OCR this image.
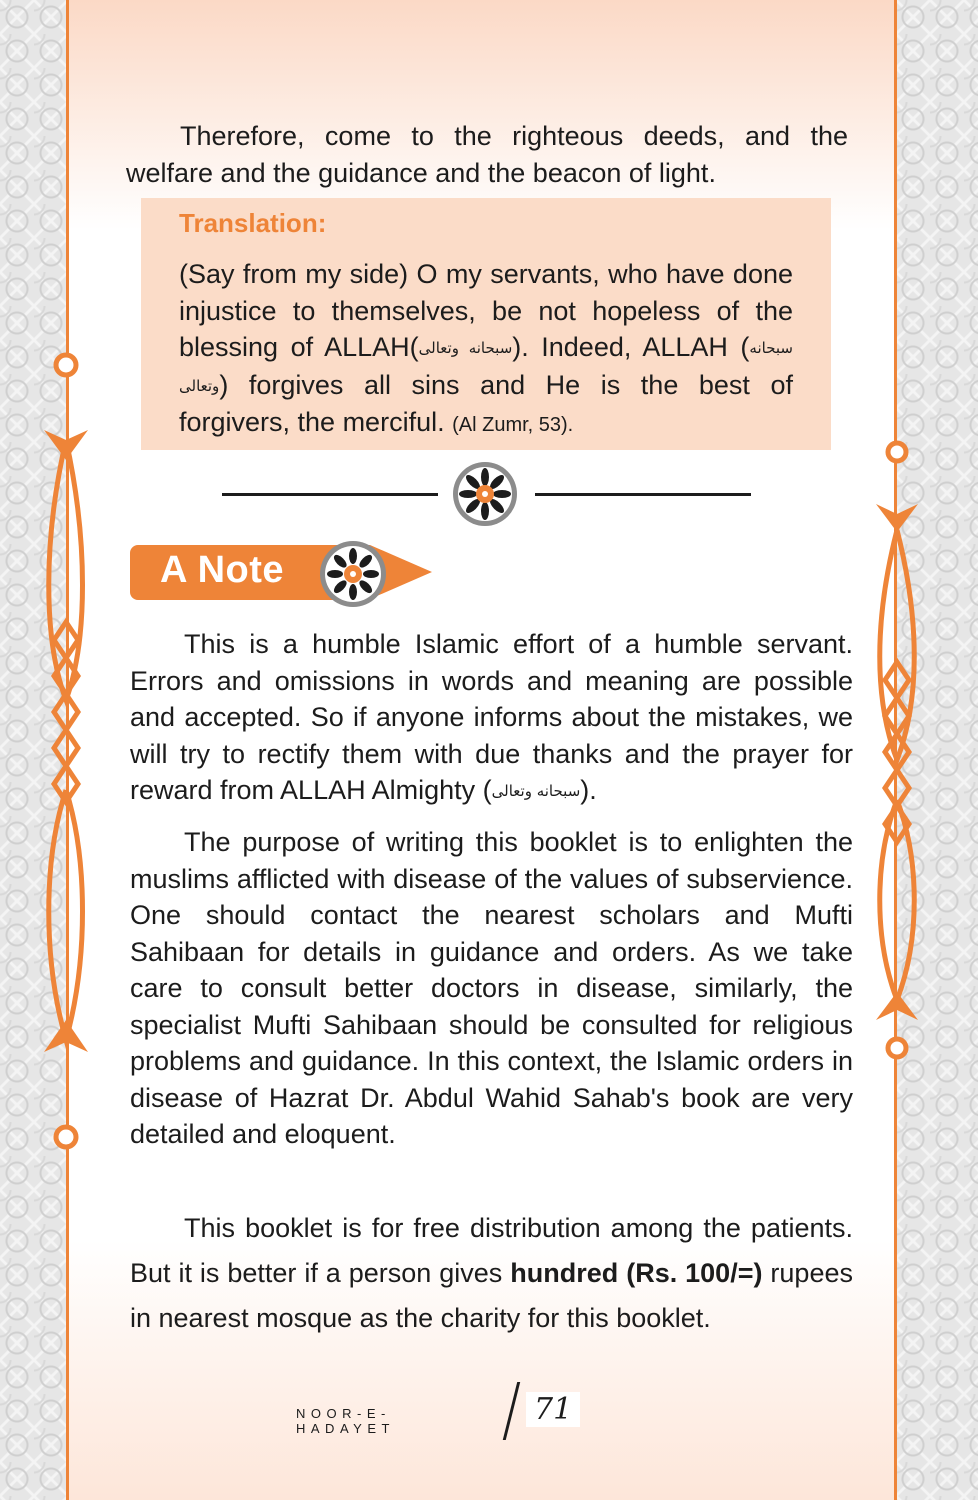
Therefore, come to the righteous deeds, and the welfare and the guidance and the beacon of light.

Translation:

(Say from my side) O my servants, who have done injustice to themselves, be not hopeless of the blessing of ALLAH(سبحانه وتعالى). Indeed, ALLAH (سبحانه وتعالى) forgives all sins and He is the best of forgivers, the merciful. (Al Zumr, 53).

A Note

This is a humble Islamic effort of a humble servant. Errors and omissions in words and meaning are possible and accepted. So if anyone informs about the mistakes, we will try to rectify them with due thanks and the prayer for reward from ALLAH Almighty (سبحانه وتعالى).

The purpose of writing this booklet is to enlighten the muslims afflicted with disease of the values of subservience. One should contact the nearest scholars and Mufti Sahibaan for details in guidance and orders. As we take care to consult better doctors in disease, similarly, the specialist Mufti Sahibaan should be consulted for religious problems and guidance. In this context, the Islamic orders in disease of Hazrat Dr. Abdul Wahid Sahab's book are very detailed and eloquent.

This booklet is for free distribution among the patients. But it is better if a person gives hundred (Rs. 100/=) rupees in nearest mosque as the charity for this booklet.

NOOR-E-HADAYET
71
